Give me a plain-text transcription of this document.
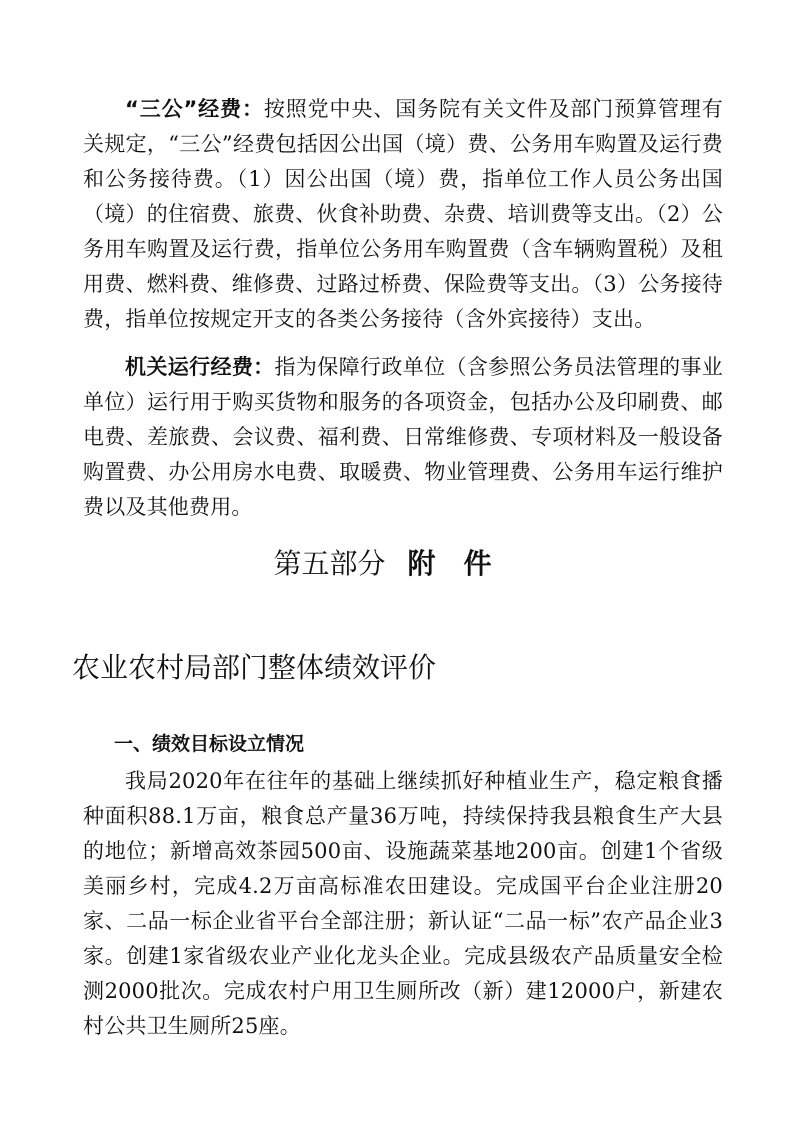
“三公”经费：按照党中央、国务院有关文件及部门预算管理有关规定，“三公”经费包括因公出国（境）费、公务用车购置及运行费和公务接待费。（1）因公出国（境）费，指单位工作人员公务出国（境）的住宿费、旅费、伙食补助费、杂费、培训费等支出。（2）公务用车购置及运行费，指单位公务用车购置费（含车辆购置税）及租用费、燃料费、维修费、过路过桥费、保险费等支出。（3）公务接待费，指单位按规定开支的各类公务接待（含外宾接待）支出。

机关运行经费：指为保障行政单位（含参照公务员法管理的事业单位）运行用于购买货物和服务的各项资金，包括办公及印刷费、邮电费、差旅费、会议费、福利费、日常维修费、专项材料及一般设备购置费、办公用房水电费、取暖费、物业管理费、公务用车运行维护费以及其他费用。

第五部分 附件
农业农村局部门整体绩效评价
一、绩效目标设立情况

我局2020年在往年的基础上继续抓好种植业生产，稳定粮食播种面积88.1万亩，粮食总产量36万吨，持续保持我县粮食生产大县的地位；新增高效茶园500亩、设施蔬菜基地200亩。创建1个省级美丽乡村，完成4.2万亩高标准农田建设。完成国平台企业注册20家、二品一标企业省平台全部注册；新认证“二品一标”农产品企业3家。创建1家省级农业产业化龙头企业。完成县级农产品质量安全检测2000批次。完成农村户用卫生厕所改（新）建12000户，新建农村公共卫生厕所25座。
